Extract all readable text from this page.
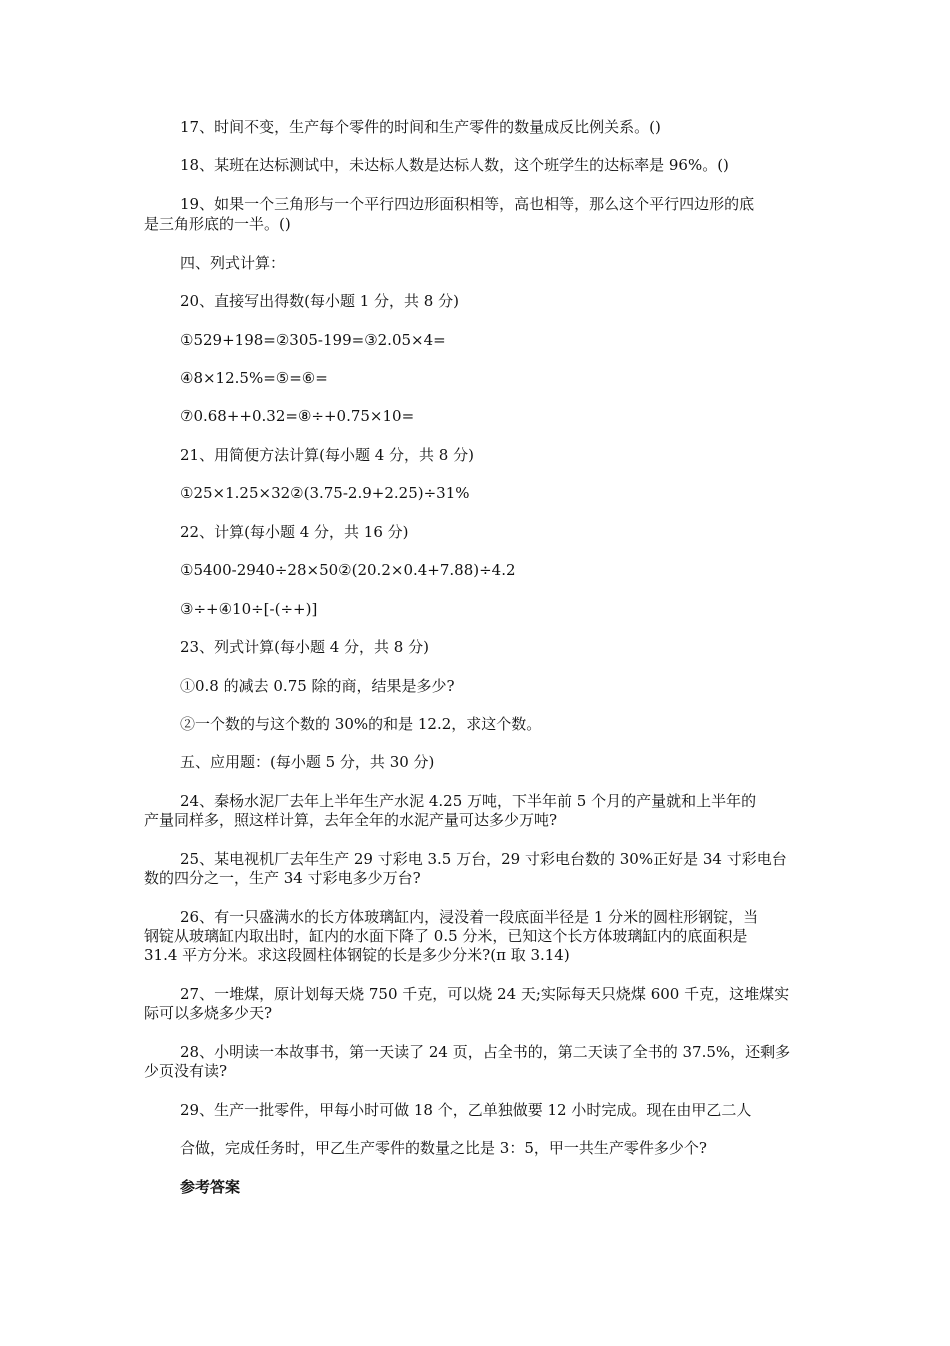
17、时间不变，生产每个零件的时间和生产零件的数量成反比例关系。()
18、某班在达标测试中，未达标人数是达标人数，这个班学生的达标率是 96%。()
19、如果一个三角形与一个平行四边形面积相等，高也相等，那么这个平行四边形的底
是三角形底的一半。()
四、列式计算：
20、直接写出得数(每小题 1 分，共 8 分)
①529+198=②305-199=③2.05×4=
④8×12.5%=⑤=⑥=
⑦0.68++0.32=⑧÷+0.75×10=
21、用简便方法计算(每小题 4 分，共 8 分)
①25×1.25×32②(3.75-2.9+2.25)÷31%
22、计算(每小题 4 分，共 16 分)
①5400-2940÷28×50②(20.2×0.4+7.88)÷4.2
③÷+④10÷[-(÷+)]
23、列式计算(每小题 4 分，共 8 分)
①0.8 的减去 0.75 除的商，结果是多少?
②一个数的与这个数的 30%的和是 12.2，求这个数。
五、应用题：(每小题 5 分，共 30 分)
24、秦杨水泥厂去年上半年生产水泥 4.25 万吨，下半年前 5 个月的产量就和上半年的
产量同样多，照这样计算，去年全年的水泥产量可达多少万吨?
25、某电视机厂去年生产 29 寸彩电 3.5 万台，29 寸彩电台数的 30%正好是 34 寸彩电台
数的四分之一，生产 34 寸彩电多少万台?
26、有一只盛满水的长方体玻璃缸内，浸没着一段底面半径是 1 分米的圆柱形钢锭，当
钢锭从玻璃缸内取出时，缸内的水面下降了 0.5 分米，已知这个长方体玻璃缸内的底面积是
31.4 平方分米。求这段圆柱体钢锭的长是多少分米?(π 取 3.14)
27、一堆煤，原计划每天烧 750 千克，可以烧 24 天;实际每天只烧煤 600 千克，这堆煤实
际可以多烧多少天?
28、小明读一本故事书，第一天读了 24 页，占全书的，第二天读了全书的 37.5%，还剩多
少页没有读?
29、生产一批零件，甲每小时可做 18 个，乙单独做要 12 小时完成。现在由甲乙二人
合做，完成任务时，甲乙生产零件的数量之比是 3：5，甲一共生产零件多少个?
参考答案
